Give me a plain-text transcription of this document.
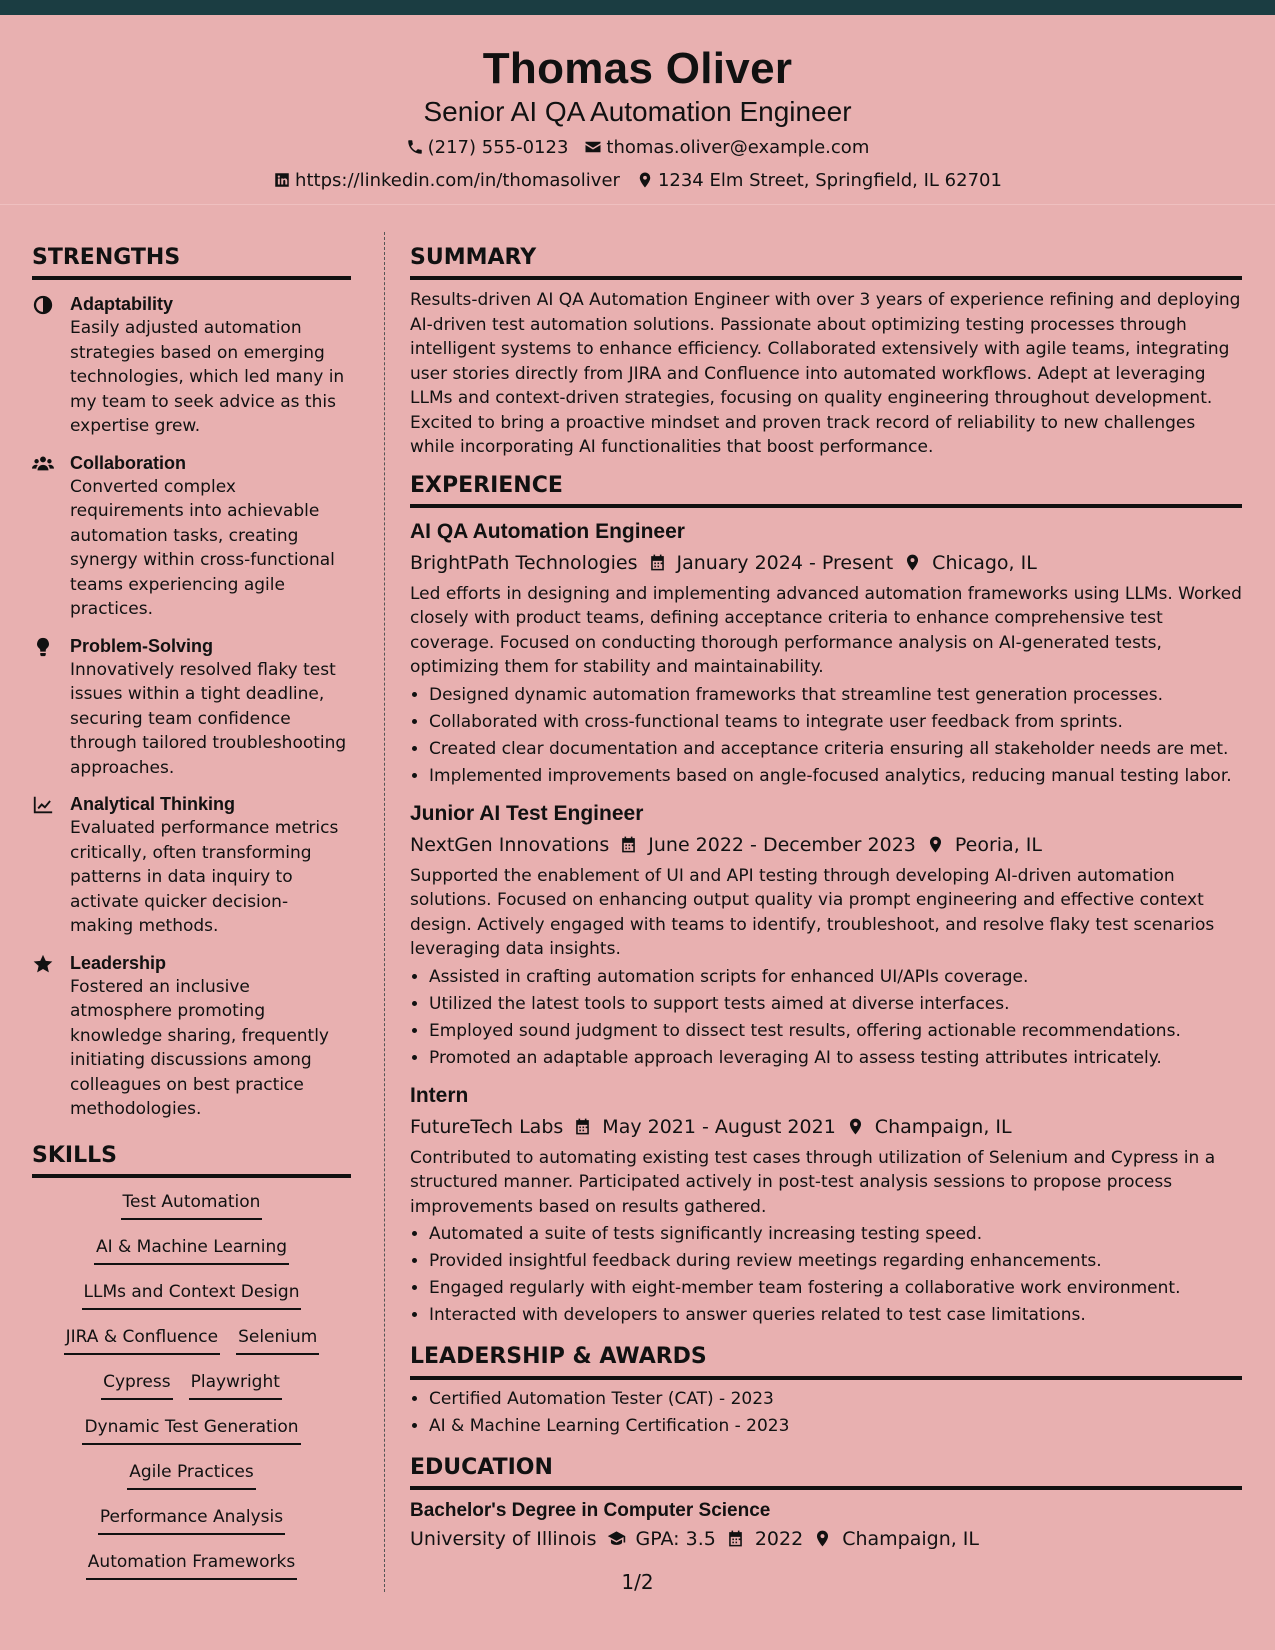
Thomas Oliver
Senior AI QA Automation Engineer
(217) 555-0123 thomas.oliver@example.com
https://linkedin.com/in/thomasoliver 1234 Elm Street, Springfield, IL 62701
STRENGTHS
Adaptability
Easily adjusted automation strategies based on emerging technologies, which led many in my team to seek advice as this expertise grew.
Collaboration
Converted complex requirements into achievable automation tasks, creating synergy within cross-functional teams experiencing agile practices.
Problem-Solving
Innovatively resolved flaky test issues within a tight deadline, securing team confidence through tailored troubleshooting approaches.
Analytical Thinking
Evaluated performance metrics critically, often transforming patterns in data inquiry to activate quicker decision-making methods.
Leadership
Fostered an inclusive atmosphere promoting knowledge sharing, frequently initiating discussions among colleagues on best practice methodologies.
SKILLS
Test Automation
AI & Machine Learning
LLMs and Context Design
JIRA & Confluence Selenium
Cypress Playwright
Dynamic Test Generation
Agile Practices
Performance Analysis
Automation Frameworks
SUMMARY
Results-driven AI QA Automation Engineer with over 3 years of experience refining and deploying AI-driven test automation solutions. Passionate about optimizing testing processes through intelligent systems to enhance efficiency. Collaborated extensively with agile teams, integrating user stories directly from JIRA and Confluence into automated workflows. Adept at leveraging LLMs and context-driven strategies, focusing on quality engineering throughout development. Excited to bring a proactive mindset and proven track record of reliability to new challenges while incorporating AI functionalities that boost performance.
EXPERIENCE
AI QA Automation Engineer
BrightPath Technologies January 2024 - Present Chicago, IL
Led efforts in designing and implementing advanced automation frameworks using LLMs. Worked closely with product teams, defining acceptance criteria to enhance comprehensive test coverage. Focused on conducting thorough performance analysis on AI-generated tests, optimizing them for stability and maintainability.
• Designed dynamic automation frameworks that streamline test generation processes.
• Collaborated with cross-functional teams to integrate user feedback from sprints.
• Created clear documentation and acceptance criteria ensuring all stakeholder needs are met.
• Implemented improvements based on angle-focused analytics, reducing manual testing labor.
Junior AI Test Engineer
NextGen Innovations June 2022 - December 2023 Peoria, IL
Supported the enablement of UI and API testing through developing AI-driven automation solutions. Focused on enhancing output quality via prompt engineering and effective context design. Actively engaged with teams to identify, troubleshoot, and resolve flaky test scenarios leveraging data insights.
• Assisted in crafting automation scripts for enhanced UI/APIs coverage.
• Utilized the latest tools to support tests aimed at diverse interfaces.
• Employed sound judgment to dissect test results, offering actionable recommendations.
• Promoted an adaptable approach leveraging AI to assess testing attributes intricately.
Intern
FutureTech Labs May 2021 - August 2021 Champaign, IL
Contributed to automating existing test cases through utilization of Selenium and Cypress in a structured manner. Participated actively in post-test analysis sessions to propose process improvements based on results gathered.
• Automated a suite of tests significantly increasing testing speed.
• Provided insightful feedback during review meetings regarding enhancements.
• Engaged regularly with eight-member team fostering a collaborative work environment.
• Interacted with developers to answer queries related to test case limitations.
LEADERSHIP & AWARDS
• Certified Automation Tester (CAT) - 2023
• AI & Machine Learning Certification - 2023
EDUCATION
Bachelor's Degree in Computer Science
University of Illinois GPA: 3.5 2022 Champaign, IL
1/2
